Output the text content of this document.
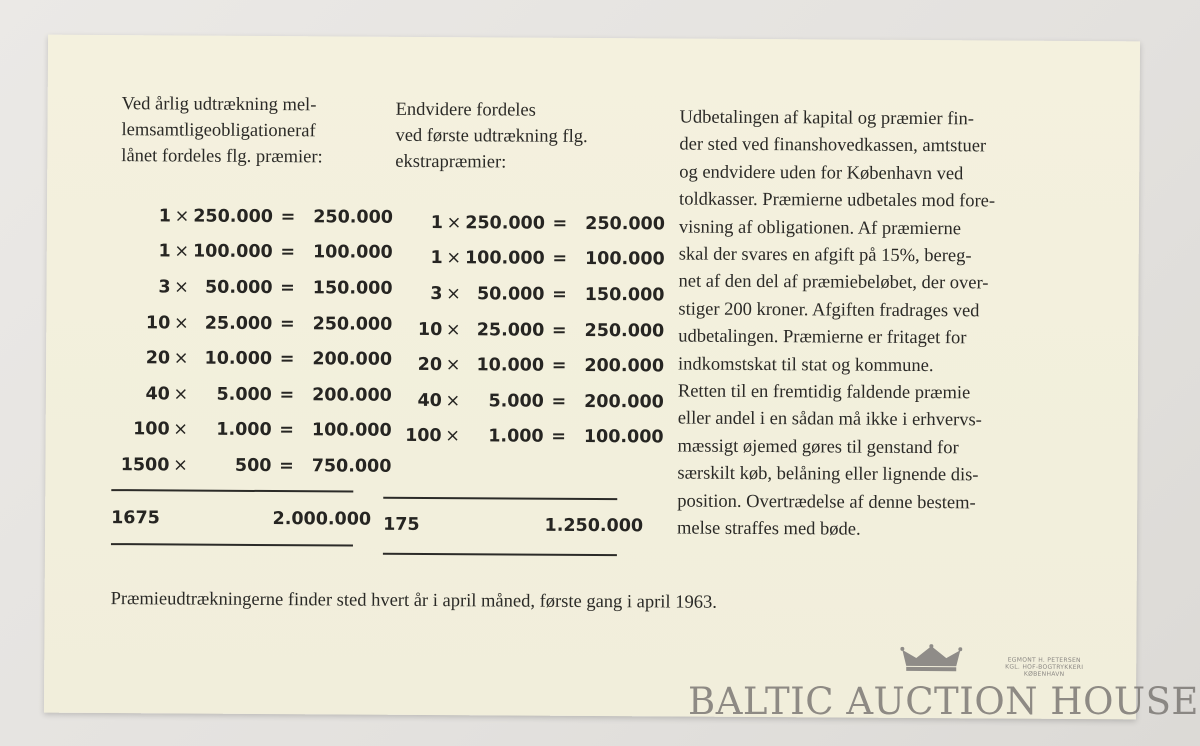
Ved årlig udtrækning mel-
lemsamtligeobligationeraf
lånet fordeles flg. præmier:
1 × 250.000 =	250.000
1 × 100.000 =	100.000
3 × 50.000 =	150.000
10 × 25.000 =	250.000
20 × 10.000 =	200.000
40 ×	5.000 =	200.000
100 ×	1.000 =	100.000
1500 ×	500 =	750.000
1675	2.000.000
Endvidere fordeles
ved første udtrækning flg.
ekstrapræmier:
1 × 250.000 =	250.000
1 × 100.000 =	100.000
3 × 50.000 =	150.000
10 × 25.000 =	250.000
20 × 10.000 =	200.000
40 ×	5.000 =	200.000
100 ×	1.000 =	100.000
175	1.250.000
Udbetalingen af kapital og præmier fin-
der sted ved finanshovedkassen, amtstuer
og endvidere uden for København ved
toldkasser. Præmierne udbetales mod fore-
visning af obligationen. Af præmierne
skal der svares en afgift på 15%, bereg-
net af den del af præmiebeløbet, der over-
stiger 200 kroner. Afgiften fradrages ved
udbetalingen. Præmierne er fritaget for
indkomstskat til stat og kommune.
Retten til en fremtidig faldende præmie
eller andel i en sådan må ikke i erhvervs-
mæssigt øjemed gøres til genstand for
særskilt køb, belåning eller lignende dis-
position. Overtrædelse af denne bestem-
melse straffes med bøde.
Præmieudtrækningerne finder sted hvert år i april måned, første gang i april 1963.
EGMONT H. PETERSEN
KGL. HOF-BOGTRYKKERI
KØBENHAVN
BALTIC AUCTION HOUSE
